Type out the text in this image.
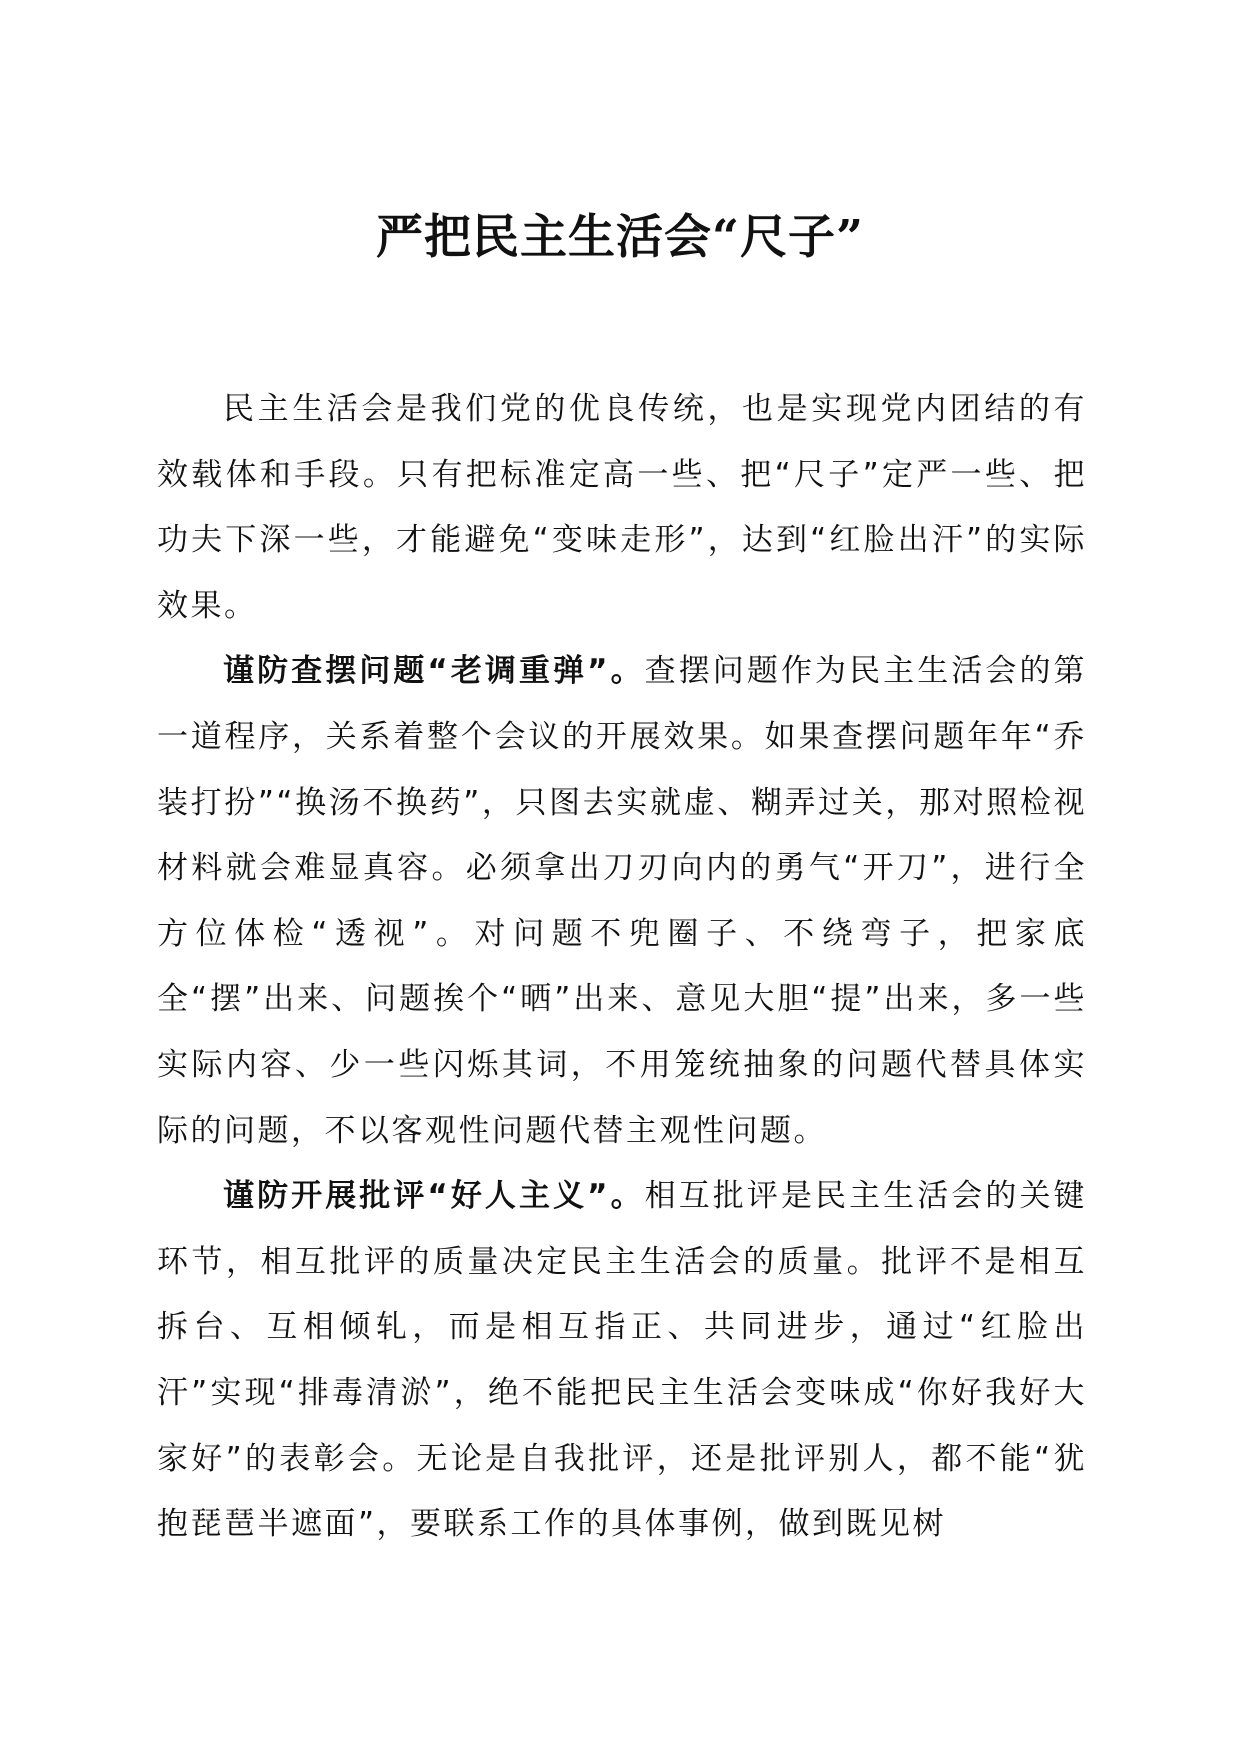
严把民主生活会“尺子”

民主生活会是我们党的优良传统，也是实现党内团结的有效载体和手段。只有把标准定高一些、把“尺子”定严一些、把功夫下深一些，才能避免“变味走形”，达到“红脸出汗”的实际效果。

谨防查摆问题“老调重弹”。查摆问题作为民主生活会的第一道程序，关系着整个会议的开展效果。如果查摆问题年年“乔装打扮”“换汤不换药”，只图去实就虚、糊弄过关，那对照检视材料就会难显真容。必须拿出刀刃向内的勇气“开刀”，进行全方位体检“透视”。对问题不兜圈子、不绕弯子，把家底全“摆”出来、问题挨个“晒”出来、意见大胆“提”出来，多一些实际内容、少一些闪烁其词，不用笼统抽象的问题代替具体实际的问题，不以客观性问题代替主观性问题。

谨防开展批评“好人主义”。相互批评是民主生活会的关键环节，相互批评的质量决定民主生活会的质量。批评不是相互拆台、互相倾轧，而是相互指正、共同进步，通过“红脸出汗”实现“排毒清淤”，绝不能把民主生活会变味成“你好我好大家好”的表彰会。无论是自我批评，还是批评别人，都不能“犹抱琵琶半遮面”，要联系工作的具体事例，做到既见树
